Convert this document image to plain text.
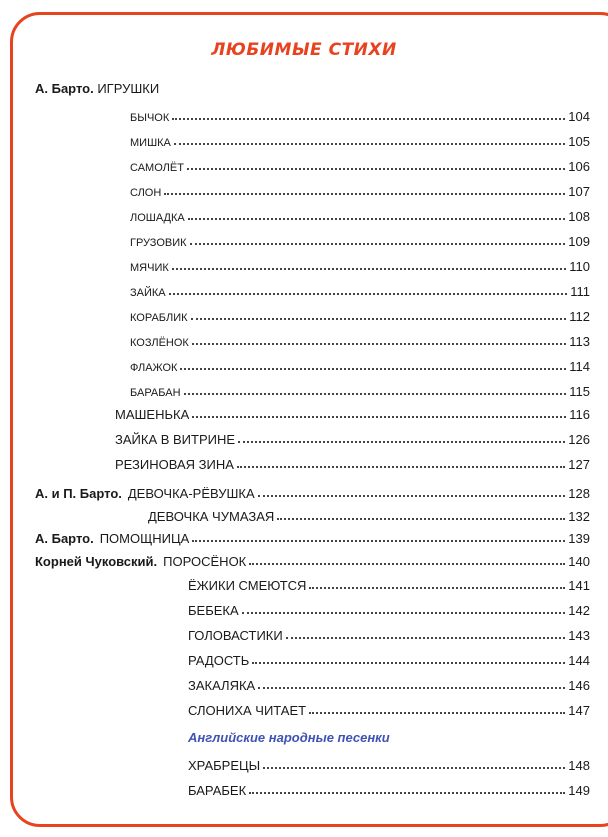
ЛЮБИМЫЕ СТИХИ
А. Барто. ИГРУШКИ
БЫЧОК	104
МИШКА	105
САМОЛЁТ	106
СЛОН	107
ЛОШАДКА	108
ГРУЗОВИК	109
МЯЧИК	110
ЗАЙКА	111
КОРАБЛИК	112
КОЗЛЁНОК	113
ФЛАЖОК	114
БАРАБАН	115
МАШЕНЬКА	116
ЗАЙКА В ВИТРИНЕ	126
РЕЗИНОВАЯ ЗИНА	127
А. и П. Барто. ДЕВОЧКА-РЁВУШКА	128
ДЕВОЧКА ЧУМАЗАЯ	132
А. Барто. ПОМОЩНИЦА	139
Корней Чуковский. ПОРОСЁНОК	140
ЁЖИКИ СМЕЮТСЯ	141
БЕБЕКА	142
ГОЛОВАСТИКИ	143
РАДОСТЬ	144
ЗАКАЛЯКА	146
СЛОНИХА ЧИТАЕТ	147
Английские народные песенки
ХРАБРЕЦЫ	148
БАРАБЕК	149
